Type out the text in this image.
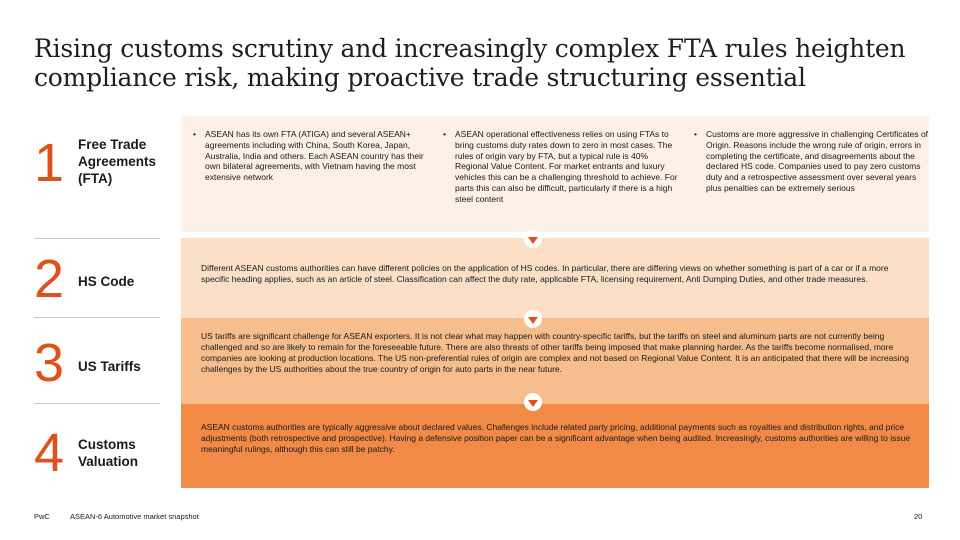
Rising customs scrutiny and increasingly complex FTA rules heighten compliance risk, making proactive trade structuring essential
1 Free Trade
Agreements
(FTA)
2 HS Code
3 US Tariffs
4 Customs
Valuation
• ASEAN has its own FTA (ATIGA) and several ASEAN+ agreements including with China, South Korea, Japan, Australia, India and others. Each ASEAN country has their own bilateral agreements, with Vietnam having the most extensive network
• ASEAN operational effectiveness relies on using FTAs to bring customs duty rates down to zero in most cases. The rules of origin vary by FTA, but a typical rule is 40% Regional Value Content. For market entrants and luxury vehicles this can be a challenging threshold to achieve. For parts this can also be difficult, particularly if there is a high steel content
• Customs are more aggressive in challenging Certificates of Origin. Reasons include the wrong rule of origin, errors in completing the certificate, and disagreements about the declared HS code. Companies used to pay zero customs duty and a retrospective assessment over several years plus penalties can be extremely serious
Different ASEAN customs authorities can have different policies on the application of HS codes. In particular, there are differing views on whether something is part of a car or if a more specific heading applies, such as an article of steel. Classification can affect the duty rate, applicable FTA, licensing requirement, Anti Dumping Duties, and other trade measures.
US tariffs are significant challenge for ASEAN exporters. It is not clear what may happen with country-specific tariffs, but the tariffs on steel and aluminum parts are not currently being challenged and so are likely to remain for the foreseeable future. There are also threats of other tariffs being imposed that make planning harder. As the tariffs become normalised, more companies are looking at production locations. The US non-preferential rules of origin are complex and not based on Regional Value Content. It is an anticipated that there will be increasing challenges by the US authorities about the true country of origin for auto parts in the near future.
ASEAN customs authorities are typically aggressive about declared values. Challenges include related party pricing, additional payments such as royalties and distribution rights, and price adjustments (both retrospective and prospective). Having a defensive position paper can be a significant advantage when being audited. Increasingly, customs authorities are willing to issue meaningful rulings, although this can still be patchy.
PwC	ASEAN-6 Automotive market snapshot	20
